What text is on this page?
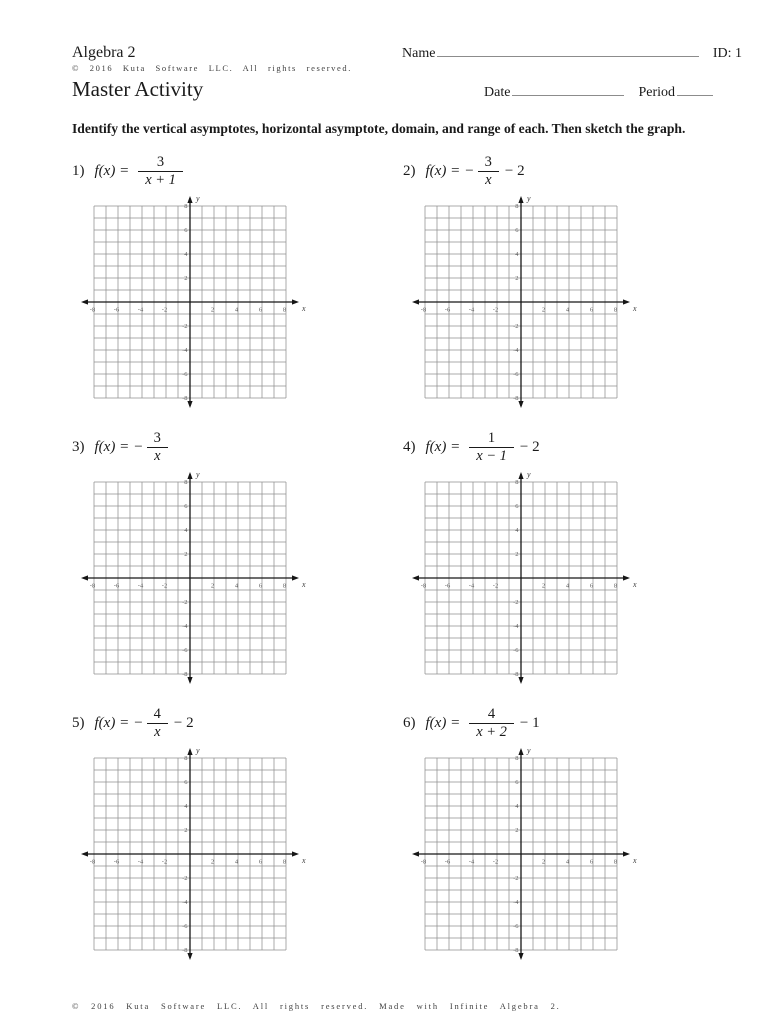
Algebra 2	Name	ID: 1
© 2016 Kuta Software LLC. All rights reserved.
Master Activity	Date	Period
Identify the vertical asymptotes, horizontal asymptote, domain, and range of each. Then sketch the graph.
1) $f(x) = \frac{3}{x + 1}$
-8	-6	-4	-2	2	4	6	8
8
6
4
2
-2
-4
-6
-8
x
y
2) f(x) = − $\frac{3}{x} - 2$
-8	-6	-4	-2	2	4	6	8
8
6
4
2
-2
-4
-6
-8
x
y
3) f(x) = − $\frac{3}{x}$
-8	-6	-4	-2	2	4	6	8
8
6
4
2
-2
-4
-6
-8
x
y
4) $f(x) = \frac{1}{x - 1} - 2$
-8	-6	-4	-2	2	4	6	8
8
6
4
2
-2
-4
-6
-8
x
y
5) f(x) = − $\frac{4}{x} - 2$
-8	-6	-4	-2	2	4	6	8
8
6
4
2
-2
-4
-6
-8
x
y
6) $f(x) = \frac{4}{x + 2} - 1$
-8	-6	-4	-2	2	4	6	8
8
6
4
2
-2
-4
-6
-8
x
y
© 2016 Kuta Software LLC. All rights reserved. Made with Infinite Algebra 2.
